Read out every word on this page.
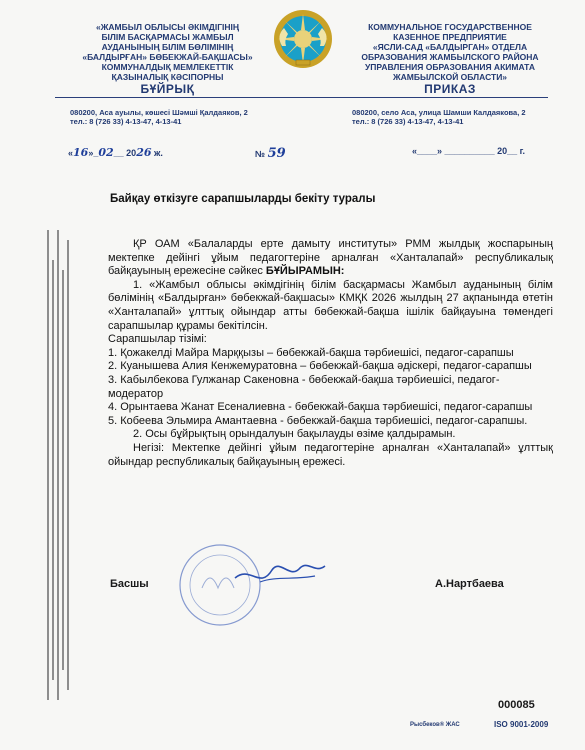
«ЖАМБЫЛ ОБЛЫСЫ ӘКІМДІГІНІҢ
БІЛІМ БАСҚАРМАСЫ ЖАМБЫЛ
АУДАНЫНЫҢ БІЛІМ БӨЛІМІНІҢ
«БАЛДЫРҒАН» БӨБЕКЖАЙ-БАҚШАСЫ»
КОММУНАЛДЫҚ МЕМЛЕКЕТТІК
ҚАЗЫНАЛЫҚ КӘСІПОРНЫ
БҰЙРЫҚ
КОММУНАЛЬНОЕ ГОСУДАРСТВЕННОЕ
КАЗЕННОЕ ПРЕДПРИЯТИЕ
«ЯСЛИ-САД «БАЛДЫРГАН» ОТДЕЛА
ОБРАЗОВАНИЯ ЖАМБЫЛСКОГО РАЙОНА
УПРАВЛЕНИЯ ОБРАЗОВАНИЯ АКИМАТА
ЖАМБЫЛСКОЙ ОБЛАСТИ»
ПРИКАЗ
080200, Аса ауылы, көшесі Шәмші Қалдаяков, 2
тел.: 8 (726 33) 4-13-47, 4-13-41
080200, село Аса, улица Шамши Калдаякова, 2
тел.: 8 (726 33) 4-13-47, 4-13-41
«16»_02__ 2026 ж.	№ 59	«____» __________ 20__ г.
Байқау өткізуге сарапшыларды бекіту туралы

ҚР ОАМ «Балаларды ерте дамыту институты» РММ жылдық жоспарының мектепке дейінгі ұйым педагогтеріне арналған «Ханталапай» республикалық байқауының ережесіне сәйкес БҰЙЫРАМЫН:

1. «Жамбыл облысы әкімдігінің білім басқармасы Жамбыл ауданының білім бөлімінің «Балдырған» бөбекжай-бақшасы» КМҚК 2026 жылдың 27 ақпанында өтетін «Ханталапай» ұлттық ойындар атты бөбекжай-бақша ішілік байқауына төмендегі сарапшылар құрамы бекітілсін.

Сарапшылар тізімі:

1. Қожакелді Майра Марққызы – бөбекжай-бақша тәрбиешісі, педагог-сарапшы

2. Куанышева Алия Кенжемуратовна – бөбекжай-бақша әдіскері, педагог-сарапшы

3. Кабылбекова Гулжанар Сакеновна - бөбекжай-бақша тәрбиешісі, педагог-модератор

4. Орынтаева Жанат Есеналиевна - бөбекжай-бақша тәрбиешісі, педагог-сарапшы

5. Кобеева Эльмира Амантаевна - бөбекжай-бақша тәрбиешісі, педагог-сарапшы.

2. Осы бұйрықтың орындалуын бақылауды өзіме қалдырамын.

Негізі: Мектепке дейінгі ұйым педагогтеріне арналған «Ханталапай» ұлттық ойындар республикалық байқауының ережесі.

Басшы	А.Нартбаева
000085
Рысбеков® ЖАС	ISO 9001-2009
